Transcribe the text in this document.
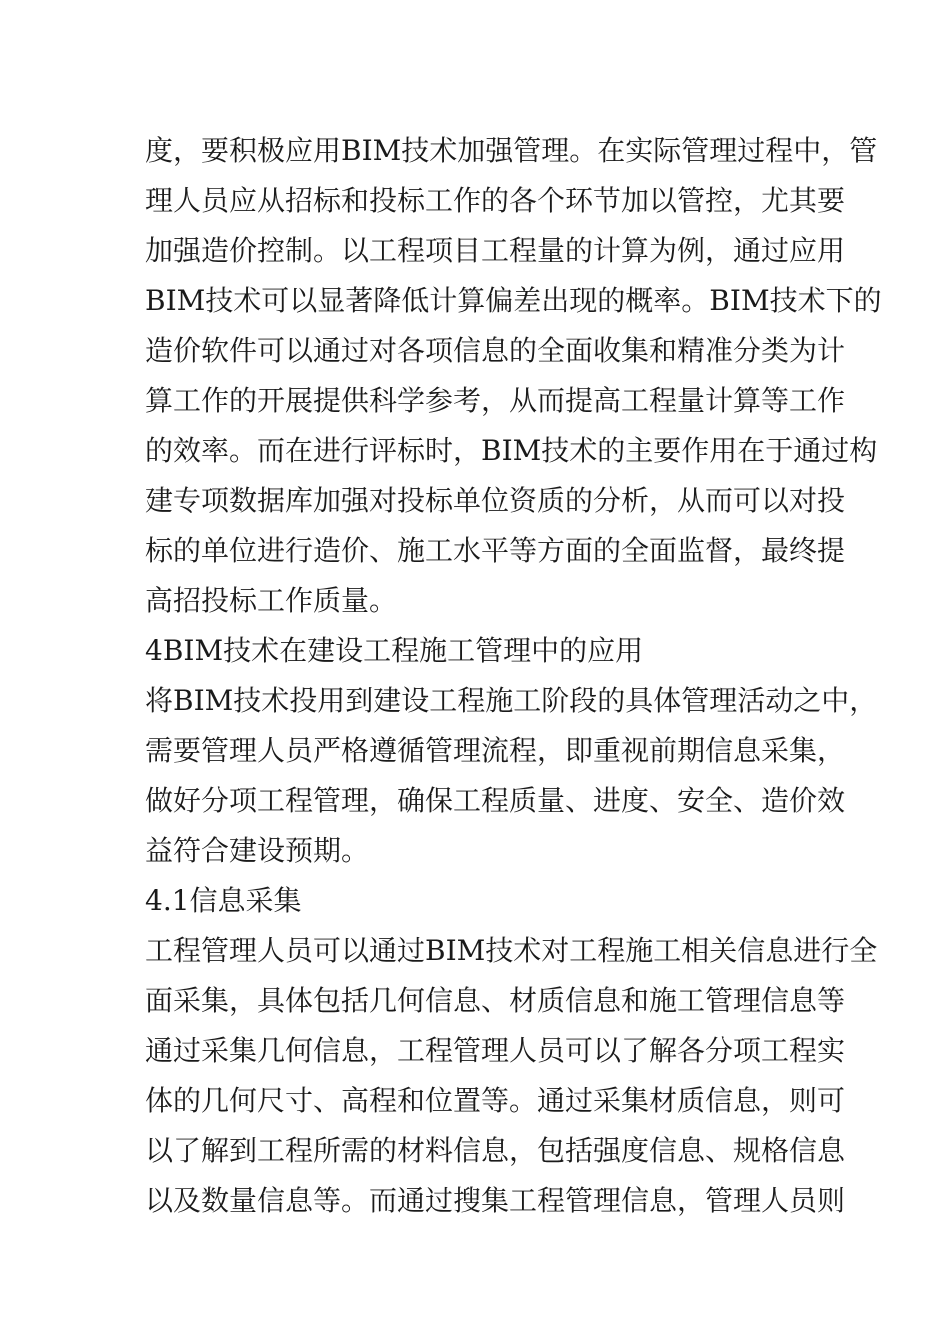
度，要积极应用BIM技术加强管理。在实际管理过程中，管
理人员应从招标和投标工作的各个环节加以管控，尤其要
加强造价控制。以工程项目工程量的计算为例，通过应用
BIM技术可以显著降低计算偏差出现的概率。BIM技术下的
造价软件可以通过对各项信息的全面收集和精准分类为计
算工作的开展提供科学参考，从而提高工程量计算等工作
的效率。而在进行评标时，BIM技术的主要作用在于通过构
建专项数据库加强对投标单位资质的分析，从而可以对投
标的单位进行造价、施工水平等方面的全面监督，最终提
高招投标工作质量。
4BIM技术在建设工程施工管理中的应用
将BIM技术投用到建设工程施工阶段的具体管理活动之中，
需要管理人员严格遵循管理流程，即重视前期信息采集，
做好分项工程管理，确保工程质量、进度、安全、造价效
益符合建设预期。
4.1信息采集
工程管理人员可以通过BIM技术对工程施工相关信息进行全
面采集，具体包括几何信息、材质信息和施工管理信息等
通过采集几何信息，工程管理人员可以了解各分项工程实
体的几何尺寸、高程和位置等。通过采集材质信息，则可
以了解到工程所需的材料信息，包括强度信息、规格信息
以及数量信息等。而通过搜集工程管理信息，管理人员则
